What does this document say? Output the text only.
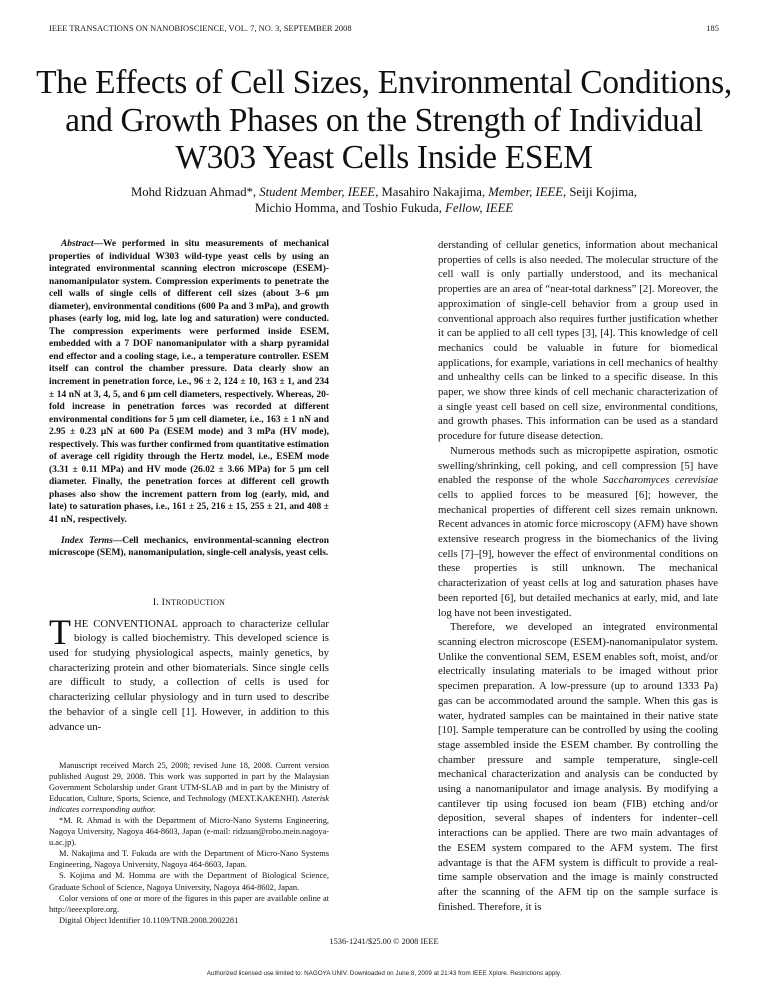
IEEE TRANSACTIONS ON NANOBIOSCIENCE, VOL. 7, NO. 3, SEPTEMBER 2008	185
The Effects of Cell Sizes, Environmental Conditions,
and Growth Phases on the Strength of Individual
W303 Yeast Cells Inside ESEM
Mohd Ridzuan Ahmad*, Student Member, IEEE, Masahiro Nakajima, Member, IEEE, Seiji Kojima,
Michio Homma, and Toshio Fukuda, Fellow, IEEE

Abstract—We performed in situ measurements of mechanical properties of individual W303 wild-type yeast cells by using an integrated environmental scanning electron microscope (ESEM)-nanomanipulator system. Compression experiments to penetrate the cell walls of single cells of different cell sizes (about 3–6 μm diameter), environmental conditions (600 Pa and 3 mPa), and growth phases (early log, mid log, late log and saturation) were conducted. The compression experiments were performed inside ESEM, embedded with a 7 DOF nanomanipulator with a sharp pyramidal end effector and a cooling stage, i.e., a temperature controller. ESEM itself can control the chamber pressure. Data clearly show an increment in penetration force, i.e., 96 ± 2, 124 ± 10, 163 ± 1, and 234 ± 14 nN at 3, 4, 5, and 6 μm cell diameters, respectively. Whereas, 20-fold increase in penetration forces was recorded at different environmental conditions for 5 μm cell diameter, i.e., 163 ± 1 nN and 2.95 ± 0.23 μN at 600 Pa (ESEM mode) and 3 mPa (HV mode), respectively. This was further confirmed from quantitative estimation of average cell rigidity through the Hertz model, i.e., ESEM mode (3.31 ± 0.11 MPa) and HV mode (26.02 ± 3.66 MPa) for 5 μm cell diameter. Finally, the penetration forces at different cell growth phases also show the increment pattern from log (early, mid, and late) to saturation phases, i.e., 161 ± 25, 216 ± 15, 255 ± 21, and 408 ± 41 nN, respectively.

Index Terms—Cell mechanics, environmental-scanning electron microscope (SEM), nanomanipulation, single-cell analysis, yeast cells.

I. INTRODUCTION

THE CONVENTIONAL approach to characterize cellular biology is called biochemistry. This developed science is used for studying physiological aspects, mainly genetics, by characterizing protein and other biomaterials. Since single cells are difficult to study, a collection of cells is used for characterizing cellular physiology and in turn used to describe the behavior of a single cell [1]. However, in addition to this advance un-

Manuscript received March 25, 2008; revised June 18, 2008. Current version published August 29, 2008. This work was supported in part by the Malaysian Government Scholarship under Grant UTM-SLAB and in part by the Ministry of Education, Culture, Sports, Science, and Technology (MEXT.KAKENHI). Asterisk indicates corresponding author.

*M. R. Ahmad is with the Department of Micro-Nano Systems Engineering, Nagoya University, Nagoya 464-8603, Japan (e-mail: ridzuan@robo.mein.nagoya-u.ac.jp).

M. Nakajima and T. Fukuda are with the Department of Micro-Nano Systems Engineering, Nagoya University, Nagoya 464-8603, Japan.

S. Kojima and M. Homma are with the Department of Biological Science, Graduate School of Science, Nagoya University, Nagoya 464-8602, Japan.

Color versions of one or more of the figures in this paper are available online at http://ieeexplore.org.

Digital Object Identifier 10.1109/TNB.2008.2002281

derstanding of cellular genetics, information about mechanical properties of cells is also needed. The molecular structure of the cell wall is only partially understood, and its mechanical properties are an area of “near-total darkness” [2]. Moreover, the approximation of single-cell behavior from a group used in conventional approach also requires further justification whether it can be applied to all cell types [3], [4]. This knowledge of cell mechanics could be valuable in future for biomedical applications, for example, variations in cell mechanics of healthy and unhealthy cells can be linked to a specific disease. In this paper, we show three kinds of cell mechanic characterization of a single yeast cell based on cell size, environmental conditions, and growth phases. This information can be used as a standard procedure for future disease detection.

Numerous methods such as micropipette aspiration, osmotic swelling/shrinking, cell poking, and cell compression [5] have enabled the response of the whole Saccharomyces cerevisiae cells to applied forces to be measured [6]; however, the mechanical properties of different cell sizes remain unknown. Recent advances in atomic force microscopy (AFM) have shown extensive research progress in the biomechanics of the living cells [7]–[9], however the effect of environmental conditions on these properties is still unknown. The mechanical characterization of yeast cells at log and saturation phases have been reported [6], but detailed mechanics at early, mid, and late log have not been investigated.

Therefore, we developed an integrated environmental scanning electron microscope (ESEM)-nanomanipulator system. Unlike the conventional SEM, ESEM enables soft, moist, and/or electrically insulating materials to be imaged without prior specimen preparation. A low-pressure (up to around 1333 Pa) gas can be accommodated around the sample. When this gas is water, hydrated samples can be maintained in their native state [10]. Sample temperature can be controlled by using the cooling stage assembled inside the ESEM chamber. By controlling the chamber pressure and sample temperature, single-cell mechanical characterization and analysis can be conducted by using a nanomanipulator and image analysis. By modifying a cantilever tip using focused ion beam (FIB) etching and/or deposition, several shapes of indenters for indenter–cell interactions can be applied. There are two main advantages of the ESEM system compared to the AFM system. The first advantage is that the AFM system is difficult to provide a real-time sample observation and the image is mainly constructed after the scanning of the AFM tip on the sample surface is finished. Therefore, it is

1536-1241/$25.00 © 2008 IEEE
Authorized licensed use limited to: NAGOYA UNIV. Downloaded on June 8, 2009 at 21:43 from IEEE Xplore. Restrictions apply.
